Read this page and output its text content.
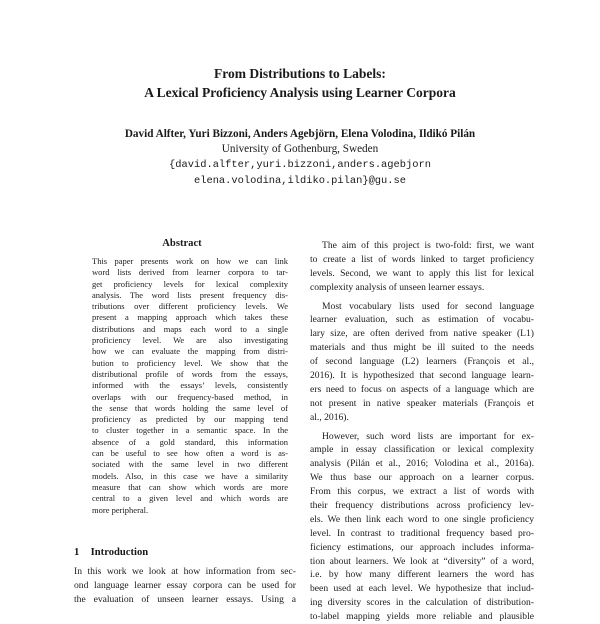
From Distributions to Labels:
A Lexical Proficiency Analysis using Learner Corpora
David Alfter, Yuri Bizzoni, Anders Agebjörn, Elena Volodina, Ildikó Pilán
University of Gothenburg, Sweden
{david.alfter,yuri.bizzoni,anders.agebjorn
elena.volodina,ildiko.pilan}@gu.se
Abstract
This paper presents work on how we can link
word lists derived from learner corpora to tar-
get proficiency levels for lexical complexity
analysis. The word lists present frequency dis-
tributions over different proficiency levels. We
present a mapping approach which takes these
distributions and maps each word to a single
proficiency level. We are also investigating
how we can evaluate the mapping from distri-
bution to proficiency level. We show that the
distributional profile of words from the essays,
informed with the essays’ levels, consistently
overlaps with our frequency-based method, in
the sense that words holding the same level of
proficiency as predicted by our mapping tend
to cluster together in a semantic space. In the
absence of a gold standard, this information
can be useful to see how often a word is as-
sociated with the same level in two different
models. Also, in this case we have a similarity
measure that can show which words are more
central to a given level and which words are
more peripheral.
1 Introduction
In this work we look at how information from sec-
ond language learner essay corpora can be used for
the evaluation of unseen learner essays. Using a
The aim of this project is two-fold: first, we want
to create a list of words linked to target proficiency
levels. Second, we want to apply this list for lexical
complexity analysis of unseen learner essays.
Most vocabulary lists used for second language
learner evaluation, such as estimation of vocabu-
lary size, are often derived from native speaker (L1)
materials and thus might be ill suited to the needs
of second language (L2) learners (François et al.,
2016). It is hypothesized that second language learn-
ers need to focus on aspects of a language which are
not present in native speaker materials (François et
al., 2016).
However, such word lists are important for ex-
ample in essay classification or lexical complexity
analysis (Pilán et al., 2016; Volodina et al., 2016a).
We thus base our approach on a learner corpus.
From this corpus, we extract a list of words with
their frequency distributions across proficiency lev-
els. We then link each word to one single proficiency
level. In contrast to traditional frequency based pro-
ficiency estimations, our approach includes informa-
tion about learners. We look at “diversity” of a word,
i.e. by how many different learners the word has
been used at each level. We hypothesize that includ-
ing diversity scores in the calculation of distribution-
to-label mapping yields more reliable and plausible
